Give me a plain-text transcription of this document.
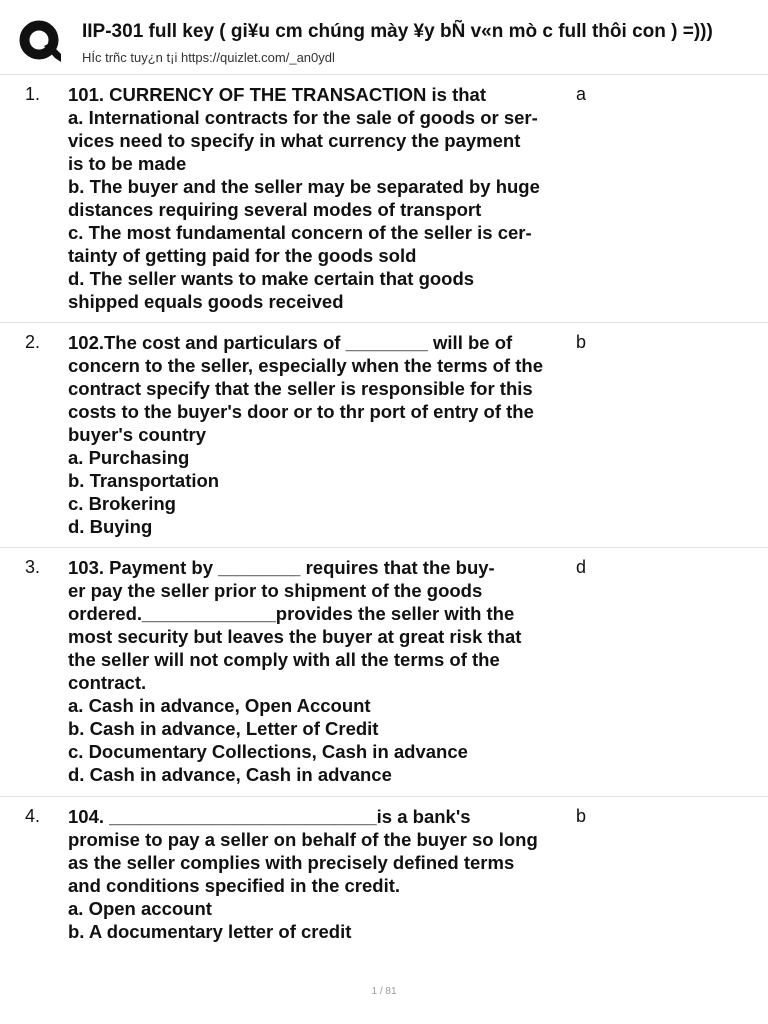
IIP-301 full key ( gi¥u cm chúng mày ¥y bÑ v«n mò c full thôi con ) =)))
HÍc trñc tuy¿n t¡i https://quizlet.com/_an0ydl
1. 101. CURRENCY OF THE TRANSACTION is that
a. International contracts for the sale of goods or ser-
vices need to specify in what currency the payment
is to be made
b. The buyer and the seller may be separated by huge
distances requiring several modes of transport
c. The most fundamental concern of the seller is cer-
tainty of getting paid for the goods sold
d. The seller wants to make certain that goods
shipped equals goods received
a
2. 102.The cost and particulars of ________ will be of
concern to the seller, especially when the terms of the
contract specify that the seller is responsible for this
costs to the buyer's door or to thr port of entry of the
buyer's country
a. Purchasing
b. Transportation
c. Brokering
d. Buying
b
3. 103. Payment by ________ requires that the buy-
er pay the seller prior to shipment of the goods
ordered._____________provides the seller with the
most security but leaves the buyer at great risk that
the seller will not comply with all the terms of the
contract.
a. Cash in advance, Open Account
b. Cash in advance, Letter of Credit
c. Documentary Collections, Cash in advance
d. Cash in advance, Cash in advance
d
4. 104. __________________________is a bank's
promise to pay a seller on behalf of the buyer so long
as the seller complies with precisely defined terms
and conditions specified in the credit.
a. Open account
b. A documentary letter of credit
b
1 / 81
